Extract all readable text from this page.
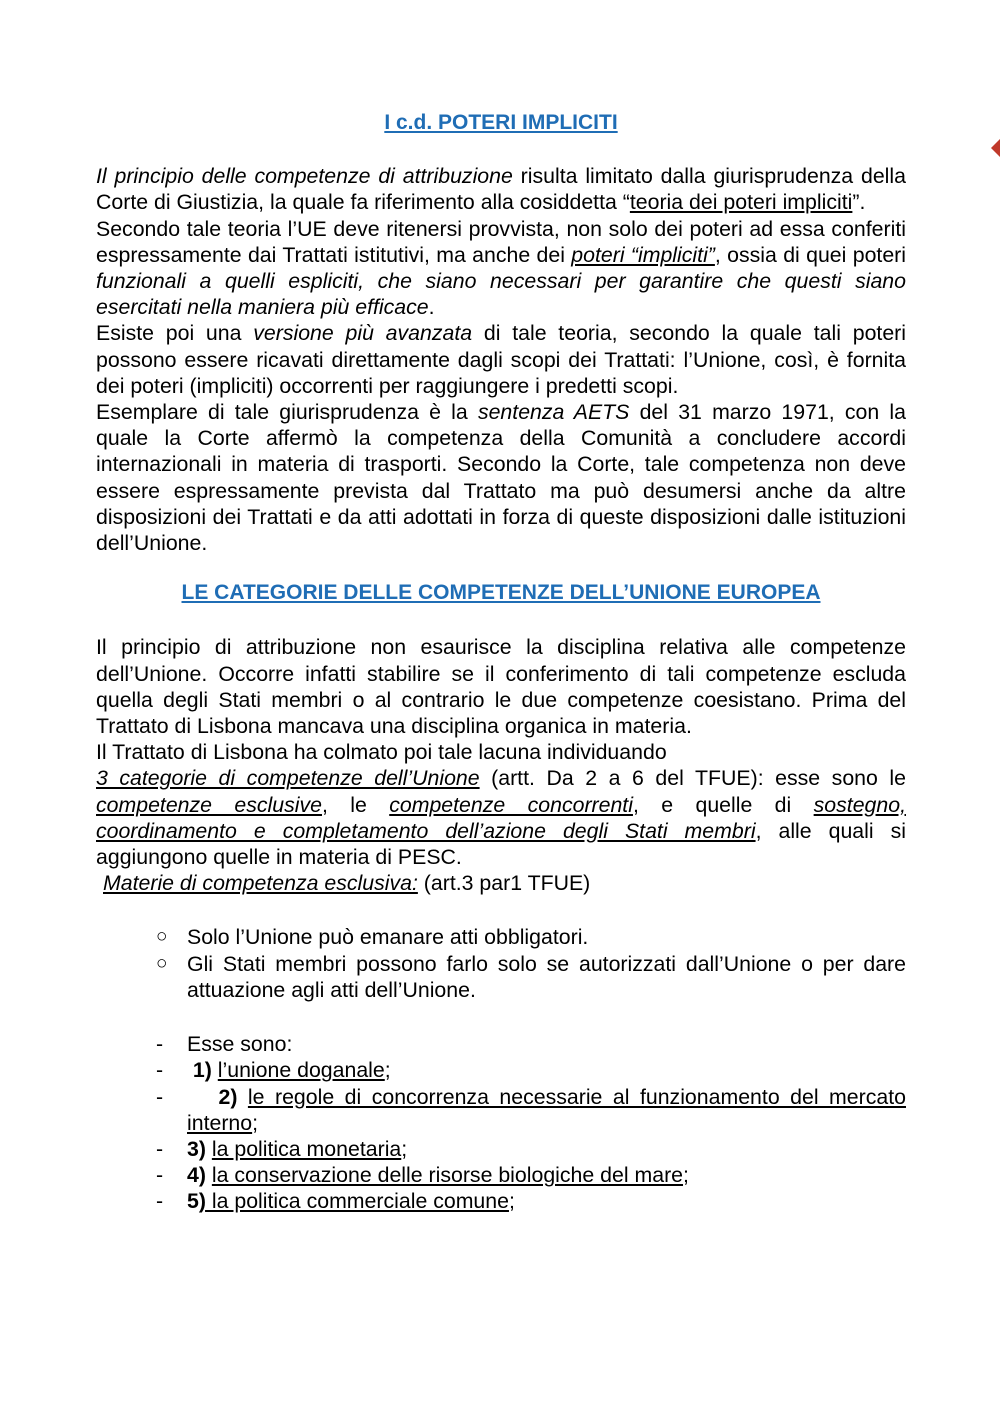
I c.d. POTERI IMPLICITI

Il principio delle competenze di attribuzione risulta limitato dalla giurisprudenza della Corte di Giustizia, la quale fa riferimento alla cosiddetta “teoria dei poteri impliciti”.

Secondo tale teoria l’UE deve ritenersi provvista, non solo dei poteri ad essa conferiti espressamente dai Trattati istitutivi, ma anche dei poteri “impliciti”, ossia di quei poteri funzionali a quelli espliciti, che siano necessari per garantire che questi siano esercitati nella maniera più efficace.

Esiste poi una versione più avanzata di tale teoria, secondo la quale tali poteri possono essere ricavati direttamente dagli scopi dei Trattati: l’Unione, così, è fornita dei poteri (impliciti) occorrenti per raggiungere i predetti scopi.

Esemplare di tale giurisprudenza è la sentenza AETS del 31 marzo 1971, con la quale la Corte affermò la competenza della Comunità a concludere accordi internazionali in materia di trasporti. Secondo la Corte, tale competenza non deve essere espressamente prevista dal Trattato ma può desumersi anche da altre disposizioni dei Trattati e da atti adottati in forza di queste disposizioni dalle istituzioni dell’Unione.

LE CATEGORIE DELLE COMPETENZE DELL’UNIONE EUROPEA

Il principio di attribuzione non esaurisce la disciplina relativa alle competenze dell’Unione. Occorre infatti stabilire se il conferimento di tali competenze escluda quella degli Stati membri o al contrario le due competenze coesistano. Prima del Trattato di Lisbona mancava una disciplina organica in materia.

Il Trattato di Lisbona ha colmato poi tale lacuna individuando

3 categorie di competenze dell’Unione (artt. Da 2 a 6 del TFUE): esse sono le competenze esclusive, le competenze concorrenti, e quelle di sostegno, coordinamento e completamento dell’azione degli Stati membri, alle quali si aggiungono quelle in materia di PESC.

Materie di competenza esclusiva: (art.3 par1 TFUE)

○ Solo l’Unione può emanare atti obbligatori.
○ Gli Stati membri possono farlo solo se autorizzati dall’Unione o per dare attuazione agli atti dell’Unione.
- Esse sono:
- 1) l’unione doganale;
-	2) le regole di concorrenza necessarie al funzionamento del mercato interno;
- 3) la politica monetaria;
- 4) la conservazione delle risorse biologiche del mare;
- 5) la politica commerciale comune;
